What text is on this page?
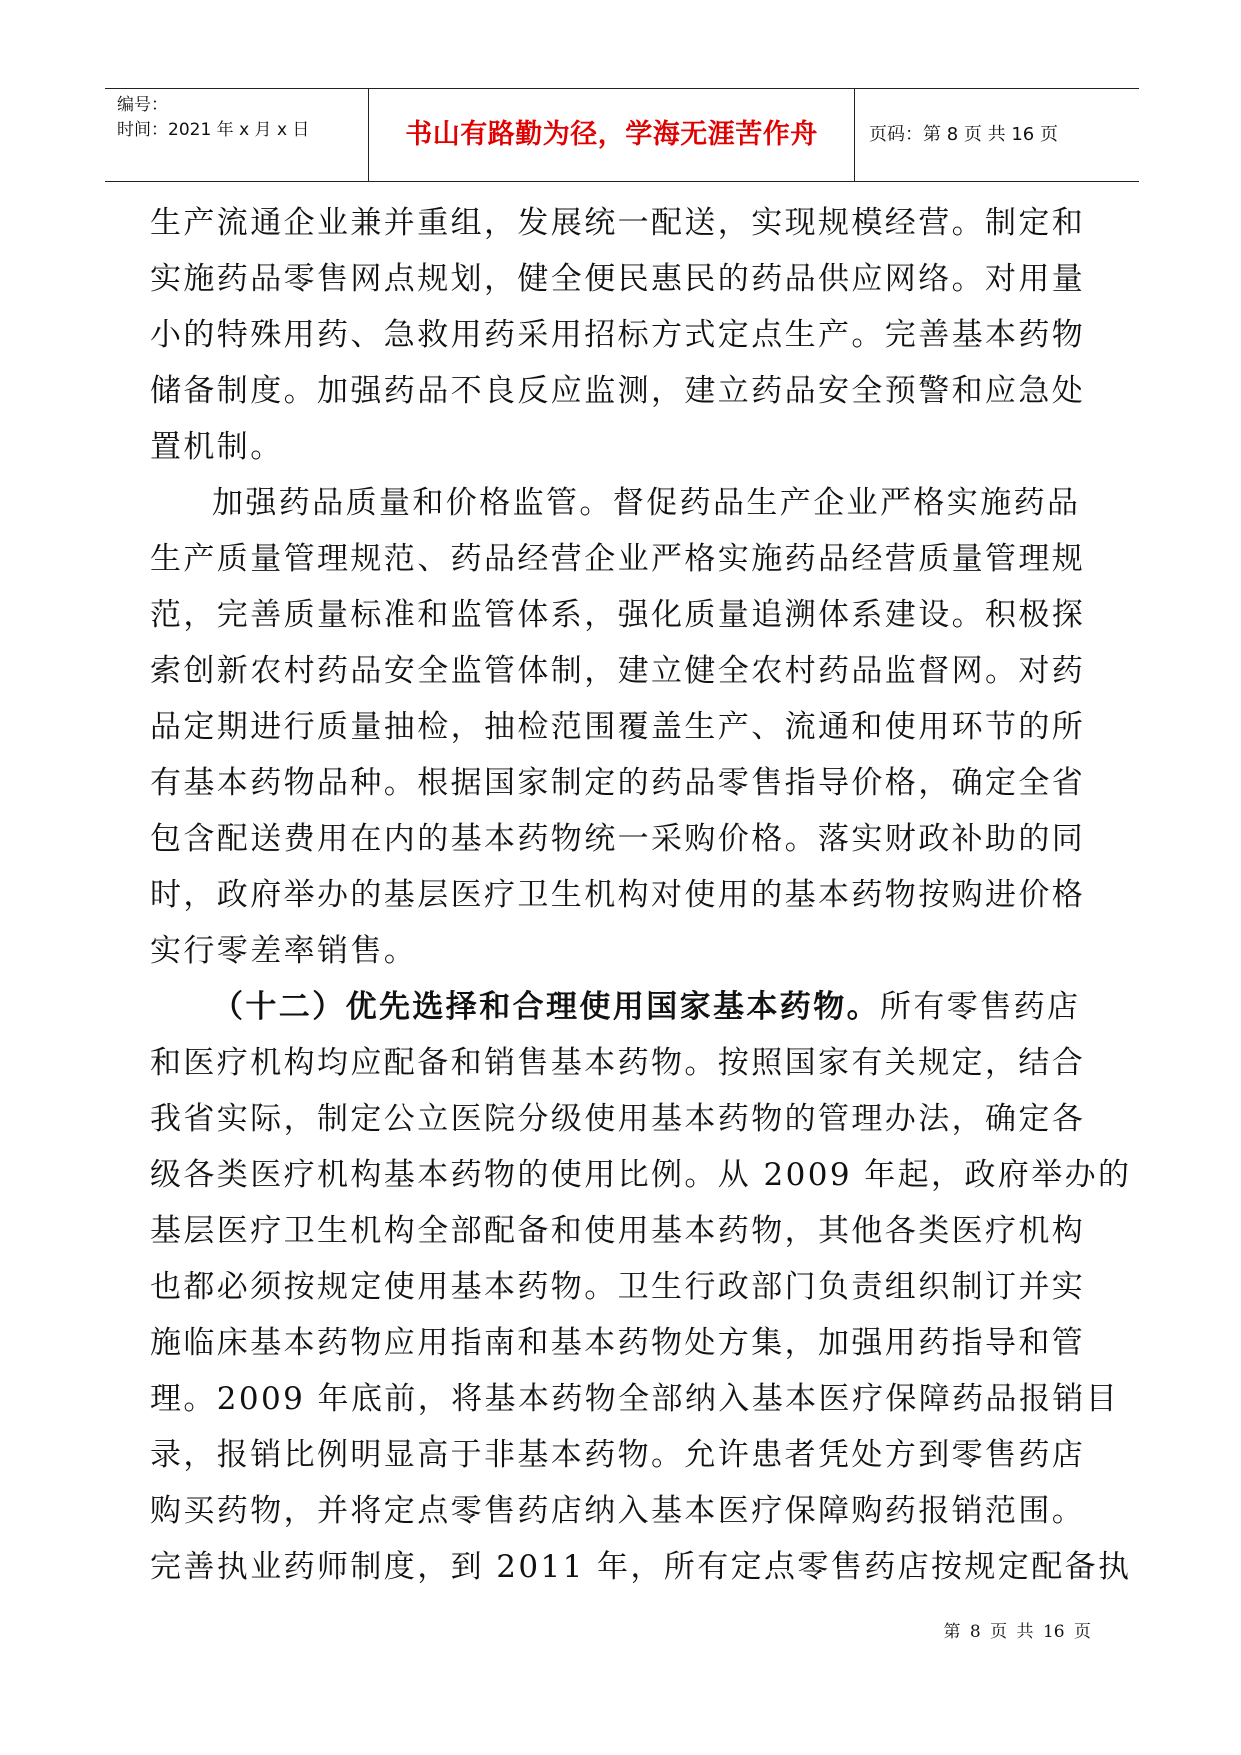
编号：
时间：2021 年 x 月 x 日	书山有路勤为径，学海无涯苦作舟	页码：第 8 页 共 16 页
生产流通企业兼并重组，发展统一配送，实现规模经营。制定和
实施药品零售网点规划，健全便民惠民的药品供应网络。对用量
小的特殊用药、急救用药采用招标方式定点生产。完善基本药物
储备制度。加强药品不良反应监测，建立药品安全预警和应急处
置机制。
加强药品质量和价格监管。督促药品生产企业严格实施药品
生产质量管理规范、药品经营企业严格实施药品经营质量管理规
范，完善质量标准和监管体系，强化质量追溯体系建设。积极探
索创新农村药品安全监管体制，建立健全农村药品监督网。对药
品定期进行质量抽检，抽检范围覆盖生产、流通和使用环节的所
有基本药物品种。根据国家制定的药品零售指导价格，确定全省
包含配送费用在内的基本药物统一采购价格。落实财政补助的同
时，政府举办的基层医疗卫生机构对使用的基本药物按购进价格
实行零差率销售。
（十二）优先选择和合理使用国家基本药物。所有零售药店
和医疗机构均应配备和销售基本药物。按照国家有关规定，结合
我省实际，制定公立医院分级使用基本药物的管理办法，确定各
级各类医疗机构基本药物的使用比例。从 2009 年起，政府举办的
基层医疗卫生机构全部配备和使用基本药物，其他各类医疗机构
也都必须按规定使用基本药物。卫生行政部门负责组织制订并实
施临床基本药物应用指南和基本药物处方集，加强用药指导和管
理。2009 年底前，将基本药物全部纳入基本医疗保障药品报销目
录，报销比例明显高于非基本药物。允许患者凭处方到零售药店
购买药物，并将定点零售药店纳入基本医疗保障购药报销范围。
完善执业药师制度，到 2011 年，所有定点零售药店按规定配备执
第 8 页 共 16 页
